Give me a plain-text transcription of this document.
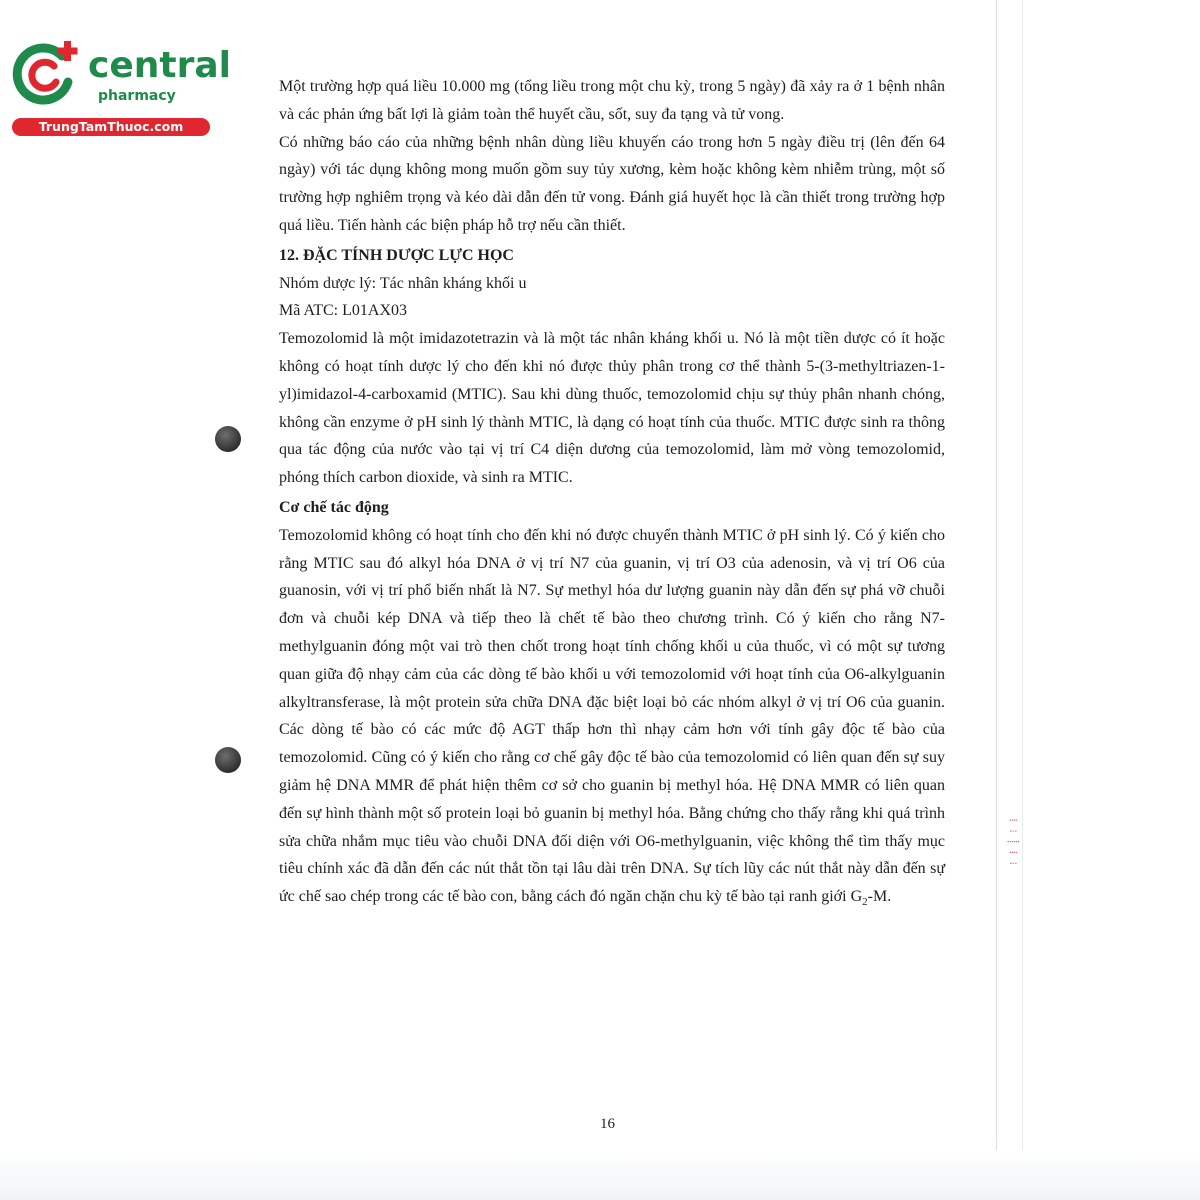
central
pharmacy
TrungTamThuoc.com

Một trường hợp quá liều 10.000 mg (tổng liều trong một chu kỳ, trong 5 ngày) đã xảy ra ở 1 bệnh nhân và các phản ứng bất lợi là giảm toàn thể huyết cầu, sốt, suy đa tạng và tử vong.

Có những báo cáo của những bệnh nhân dùng liều khuyến cáo trong hơn 5 ngày điều trị (lên đến 64 ngày) với tác dụng không mong muốn gồm suy tủy xương, kèm hoặc không kèm nhiễm trùng, một số trường hợp nghiêm trọng và kéo dài dẫn đến tử vong. Đánh giá huyết học là cần thiết trong trường hợp quá liều. Tiến hành các biện pháp hỗ trợ nếu cần thiết.

12. ĐẶC TÍNH DƯỢC LỰC HỌC

Nhóm dược lý: Tác nhân kháng khối u

Mã ATC: L01AX03

Temozolomid là một imidazotetrazin và là một tác nhân kháng khối u. Nó là một tiền dược có ít hoặc không có hoạt tính dược lý cho đến khi nó được thủy phân trong cơ thể thành 5-(3-methyltriazen-1-yl)imidazol-4-carboxamid (MTIC). Sau khi dùng thuốc, temozolomid chịu sự thủy phân nhanh chóng, không cần enzyme ở pH sinh lý thành MTIC, là dạng có hoạt tính của thuốc. MTIC được sinh ra thông qua tác động của nước vào tại vị trí C4 diện dương của temozolomid, làm mở vòng temozolomid, phóng thích carbon dioxide, và sinh ra MTIC.

Cơ chế tác động

Temozolomid không có hoạt tính cho đến khi nó được chuyển thành MTIC ở pH sinh lý. Có ý kiến cho rằng MTIC sau đó alkyl hóa DNA ở vị trí N7 của guanin, vị trí O3 của adenosin, và vị trí O6 của guanosin, với vị trí phổ biến nhất là N7. Sự methyl hóa dư lượng guanin này dẫn đến sự phá vỡ chuỗi đơn và chuỗi kép DNA và tiếp theo là chết tế bào theo chương trình. Có ý kiến cho rằng N7-methylguanin đóng một vai trò then chốt trong hoạt tính chống khối u của thuốc, vì có một sự tương quan giữa độ nhạy cảm của các dòng tế bào khối u với temozolomid với hoạt tính của O6-alkylguanin alkyltransferase, là một protein sửa chữa DNA đặc biệt loại bỏ các nhóm alkyl ở vị trí O6 của guanin. Các dòng tế bào có các mức độ AGT thấp hơn thì nhạy cảm hơn với tính gây độc tế bào của temozolomid. Cũng có ý kiến cho rằng cơ chế gây độc tế bào của temozolomid có liên quan đến sự suy giảm hệ DNA MMR để phát hiện thêm cơ sở cho guanin bị methyl hóa. Hệ DNA MMR có liên quan đến sự hình thành một số protein loại bỏ guanin bị methyl hóa. Bằng chứng cho thấy rằng khi quá trình sửa chữa nhắm mục tiêu vào chuỗi DNA đối diện với O6-methylguanin, việc không thể tìm thấy mục tiêu chính xác đã dẫn đến các nút thắt tồn tại lâu dài trên DNA. Sự tích lũy các nút thắt này dẫn đến sự ức chế sao chép trong các tế bào con, bằng cách đó ngăn chặn chu kỳ tế bào tại ranh giới $G_2-M$.

⁝ ⁞ ⸽ ⁝ ⁞
16
